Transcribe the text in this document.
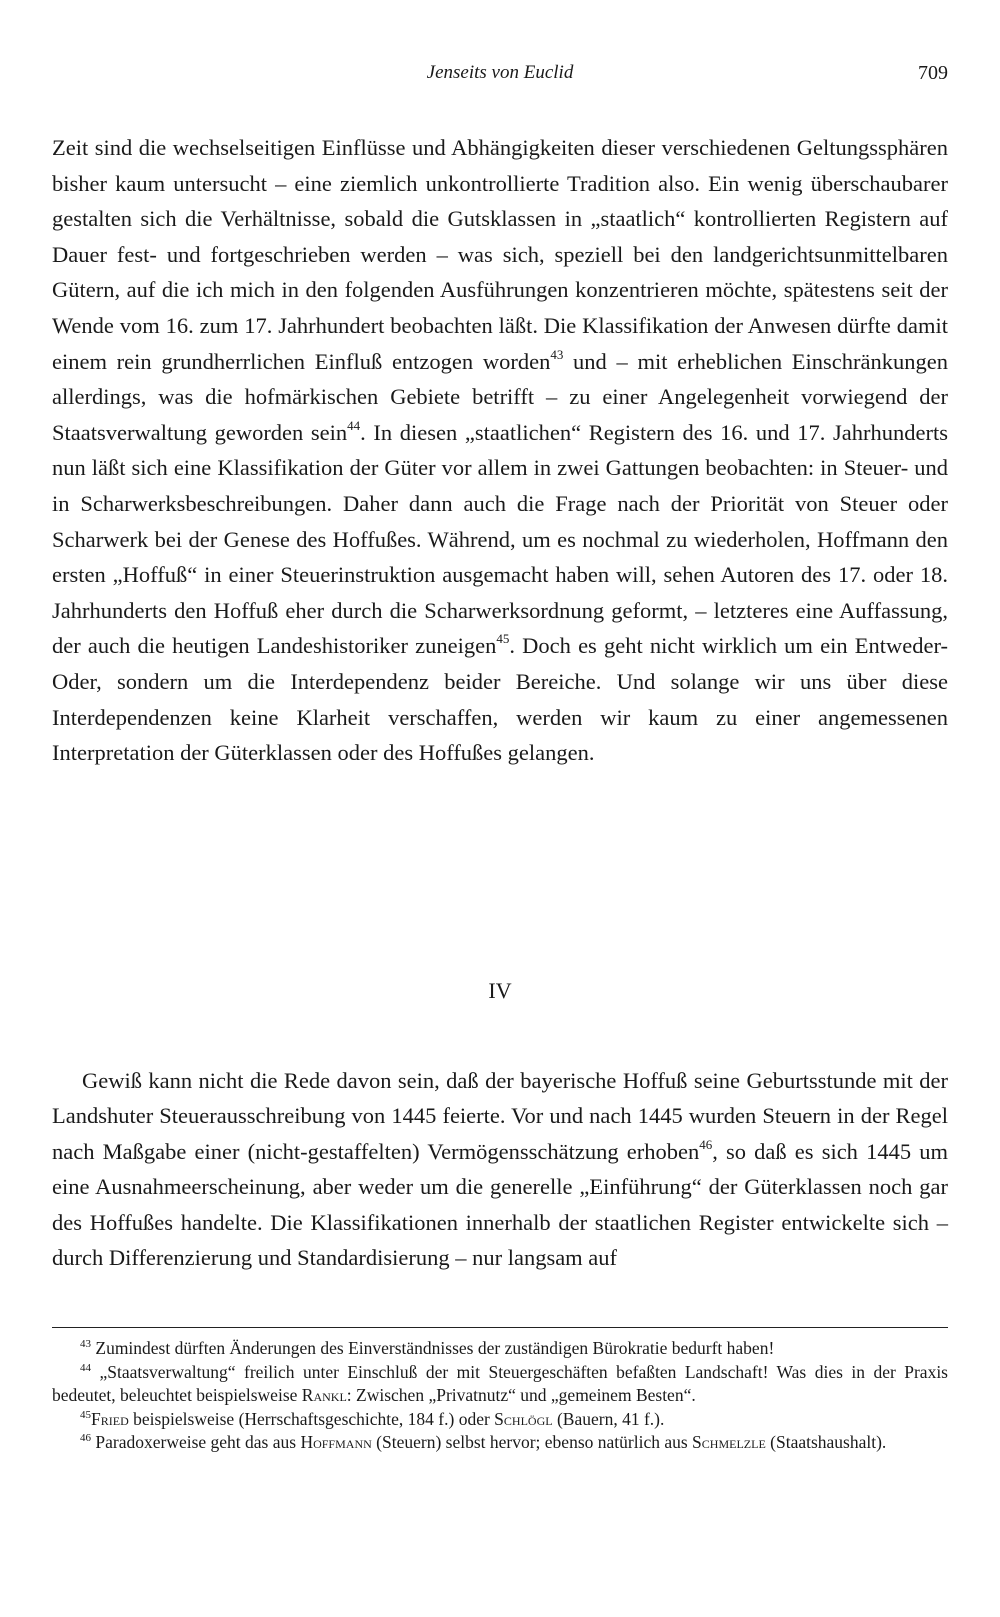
Jenseits von Euclid	709

Zeit sind die wechselseitigen Einflüsse und Abhängigkeiten dieser verschiedenen Geltungssphären bisher kaum untersucht – eine ziemlich unkontrollierte Tradition also. Ein wenig überschaubarer gestalten sich die Verhältnisse, sobald die Gutsklassen in „staatlich“ kontrollierten Registern auf Dauer fest- und fortgeschrieben werden – was sich, speziell bei den landgerichtsunmittelbaren Gütern, auf die ich mich in den folgenden Ausführungen konzentrieren möchte, spätestens seit der Wende vom 16. zum 17. Jahrhundert beobachten läßt. Die Klassifikation der Anwesen dürfte damit einem rein grundherrlichen Einfluß entzogen worden$^{43}$ und – mit erheblichen Einschränkungen allerdings, was die hofmärkischen Gebiete betrifft – zu einer Angelegenheit vorwiegend der Staatsverwaltung geworden sein$^{44}$. In diesen „staatlichen“ Registern des 16. und 17. Jahrhunderts nun läßt sich eine Klassifikation der Güter vor allem in zwei Gattungen beobachten: in Steuer- und in Scharwerksbeschreibungen. Daher dann auch die Frage nach der Priorität von Steuer oder Scharwerk bei der Genese des Hoffußes. Während, um es nochmal zu wiederholen, Hoffmann den ersten „Hoffuß“ in einer Steuerinstruktion ausgemacht haben will, sehen Autoren des 17. oder 18. Jahrhunderts den Hoffuß eher durch die Scharwerksordnung geformt, – letzteres eine Auffassung, der auch die heutigen Landeshistoriker zuneigen$^{45}$. Doch es geht nicht wirklich um ein Entweder-Oder, sondern um die Interdependenz beider Bereiche. Und solange wir uns über diese Interdependenzen keine Klarheit verschaffen, werden wir kaum zu einer angemessenen Interpretation der Güterklassen oder des Hoffußes gelangen.

IV

Gewiß kann nicht die Rede davon sein, daß der bayerische Hoffuß seine Geburtsstunde mit der Landshuter Steuerausschreibung von 1445 feierte. Vor und nach 1445 wurden Steuern in der Regel nach Maßgabe einer (nicht-gestaffelten) Vermögensschätzung erhoben$^{46}$, so daß es sich 1445 um eine Ausnahmeerscheinung, aber weder um die generelle „Einführung“ der Güterklassen noch gar des Hoffußes handelte. Die Klassifikationen innerhalb der staatlichen Register entwickelte sich – durch Differenzierung und Standardisierung – nur langsam auf

$^{43}$ Zumindest dürften Änderungen des Einverständnisses der zuständigen Bürokratie bedurft haben!

$^{44}$ „Staatsverwaltung“ freilich unter Einschluß der mit Steuergeschäften befaßten Landschaft! Was dies in der Praxis bedeutet, beleuchtet beispielsweise Rankl: Zwischen „Privatnutz“ und „gemeinem Besten“.

$^{45}$Fried beispielsweise (Herrschaftsgeschichte, 184 f.) oder Schlögl (Bauern, 41 f.).

$^{46}$ Paradoxerweise geht das aus Hoffmann (Steuern) selbst hervor; ebenso natürlich aus Schmelzle (Staatshaushalt).
